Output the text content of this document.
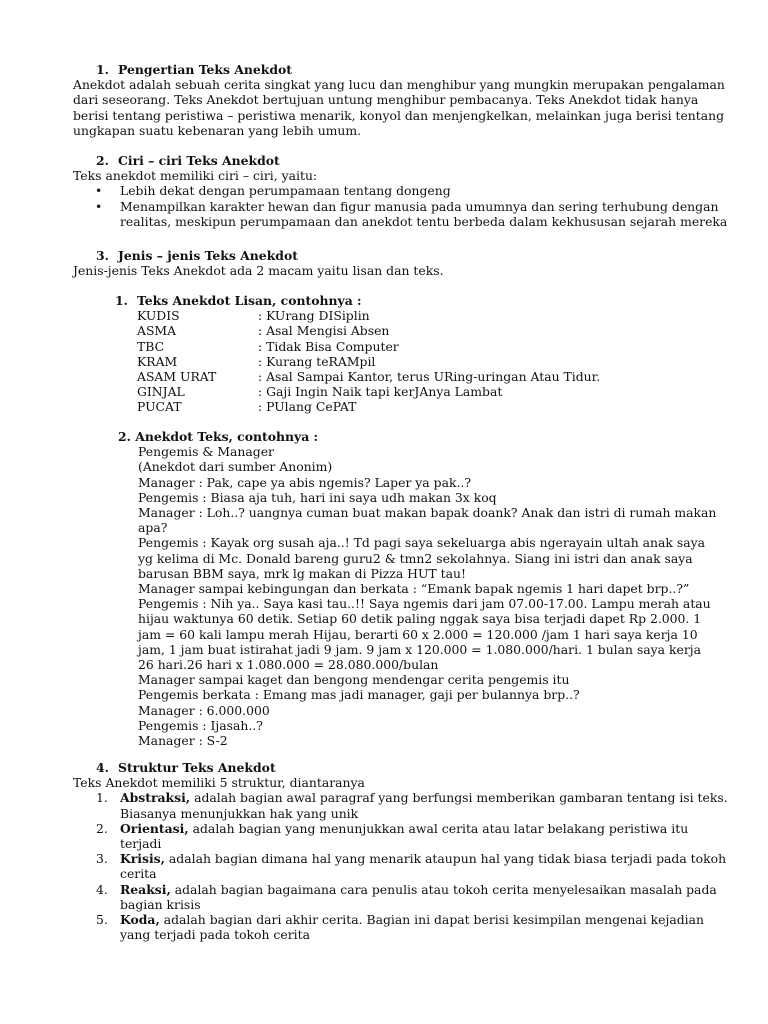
1. Pengertian Teks Anekdot

Anekdot adalah sebuah cerita singkat yang lucu dan menghibur yang mungkin merupakan pengalaman dari seseorang. Teks Anekdot bertujuan untung menghibur pembacanya. Teks Anekdot tidak hanya berisi tentang peristiwa – peristiwa menarik, konyol dan menjengkelkan, melainkan juga berisi tentang ungkapan suatu kebenaran yang lebih umum.

2. Ciri – ciri Teks Anekdot

Teks anekdot memiliki ciri – ciri, yaitu:

• Lebih dekat dengan perumpamaan tentang dongeng
• Menampilkan karakter hewan dan figur manusia pada umumnya dan sering terhubung dengan realitas, meskipun perumpamaan dan anekdot tentu berbeda dalam kekhususan sejarah mereka

3. Jenis – jenis Teks Anekdot

Jenis-jenis Teks Anekdot ada 2 macam yaitu lisan dan teks.

1. Teks Anekdot Lisan, contohnya :

KUDIS	: KUrang DISiplin
ASMA	: Asal Mengisi Absen
TBC	: Tidak Bisa Computer
KRAM	: Kurang teRAMpil
ASAM URAT	: Asal Sampai Kantor, terus URing-uringan Atau Tidur.
GINJAL	: Gaji Ingin Naik tapi kerJAnya Lambat
PUCAT	: PUlang CePAT

2. Anekdot Teks, contohnya :

Pengemis & Manager

(Anekdot dari sumber Anonim)

Manager : Pak, cape ya abis ngemis? Laper ya pak..?

Pengemis : Biasa aja tuh, hari ini saya udh makan 3x koq

Manager : Loh..? uangnya cuman buat makan bapak doank? Anak dan istri di rumah makan apa?

Pengemis : Kayak org susah aja..! Td pagi saya sekeluarga abis ngerayain ultah anak saya yg kelima di Mc. Donald bareng guru2 & tmn2 sekolahnya. Siang ini istri dan anak saya barusan BBM saya, mrk lg makan di Pizza HUT tau!

Manager sampai kebingungan dan berkata : “Emank bapak ngemis 1 hari dapet brp..?”

Pengemis : Nih ya.. Saya kasi tau..!! Saya ngemis dari jam 07.00-17.00. Lampu merah atau hijau waktunya 60 detik. Setiap 60 detik paling nggak saya bisa terjadi dapet Rp 2.000. 1 jam = 60 kali lampu merah Hijau, berarti 60 x 2.000 = 120.000 /jam 1 hari saya kerja 10 jam, 1 jam buat istirahat jadi 9 jam. 9 jam x 120.000 = 1.080.000/hari. 1 bulan saya kerja 26 hari.26 hari x 1.080.000 = 28.080.000/bulan

Manager sampai kaget dan bengong mendengar cerita pengemis itu

Pengemis berkata : Emang mas jadi manager, gaji per bulannya brp..?

Manager : 6.000.000

Pengemis : Ijasah..?

Manager : S-2

4. Struktur Teks Anekdot

Teks Anekdot memiliki 5 struktur, diantaranya

1. Abstraksi, adalah bagian awal paragraf yang berfungsi memberikan gambaran tentang isi teks. Biasanya menunjukkan hak yang unik
2. Orientasi, adalah bagian yang menunjukkan awal cerita atau latar belakang peristiwa itu terjadi
3. Krisis, adalah bagian dimana hal yang menarik ataupun hal yang tidak biasa terjadi pada tokoh cerita
4. Reaksi, adalah bagian bagaimana cara penulis atau tokoh cerita menyelesaikan masalah pada bagian krisis
5. Koda, adalah bagian dari akhir cerita. Bagian ini dapat berisi kesimpilan mengenai kejadian yang terjadi pada tokoh cerita
